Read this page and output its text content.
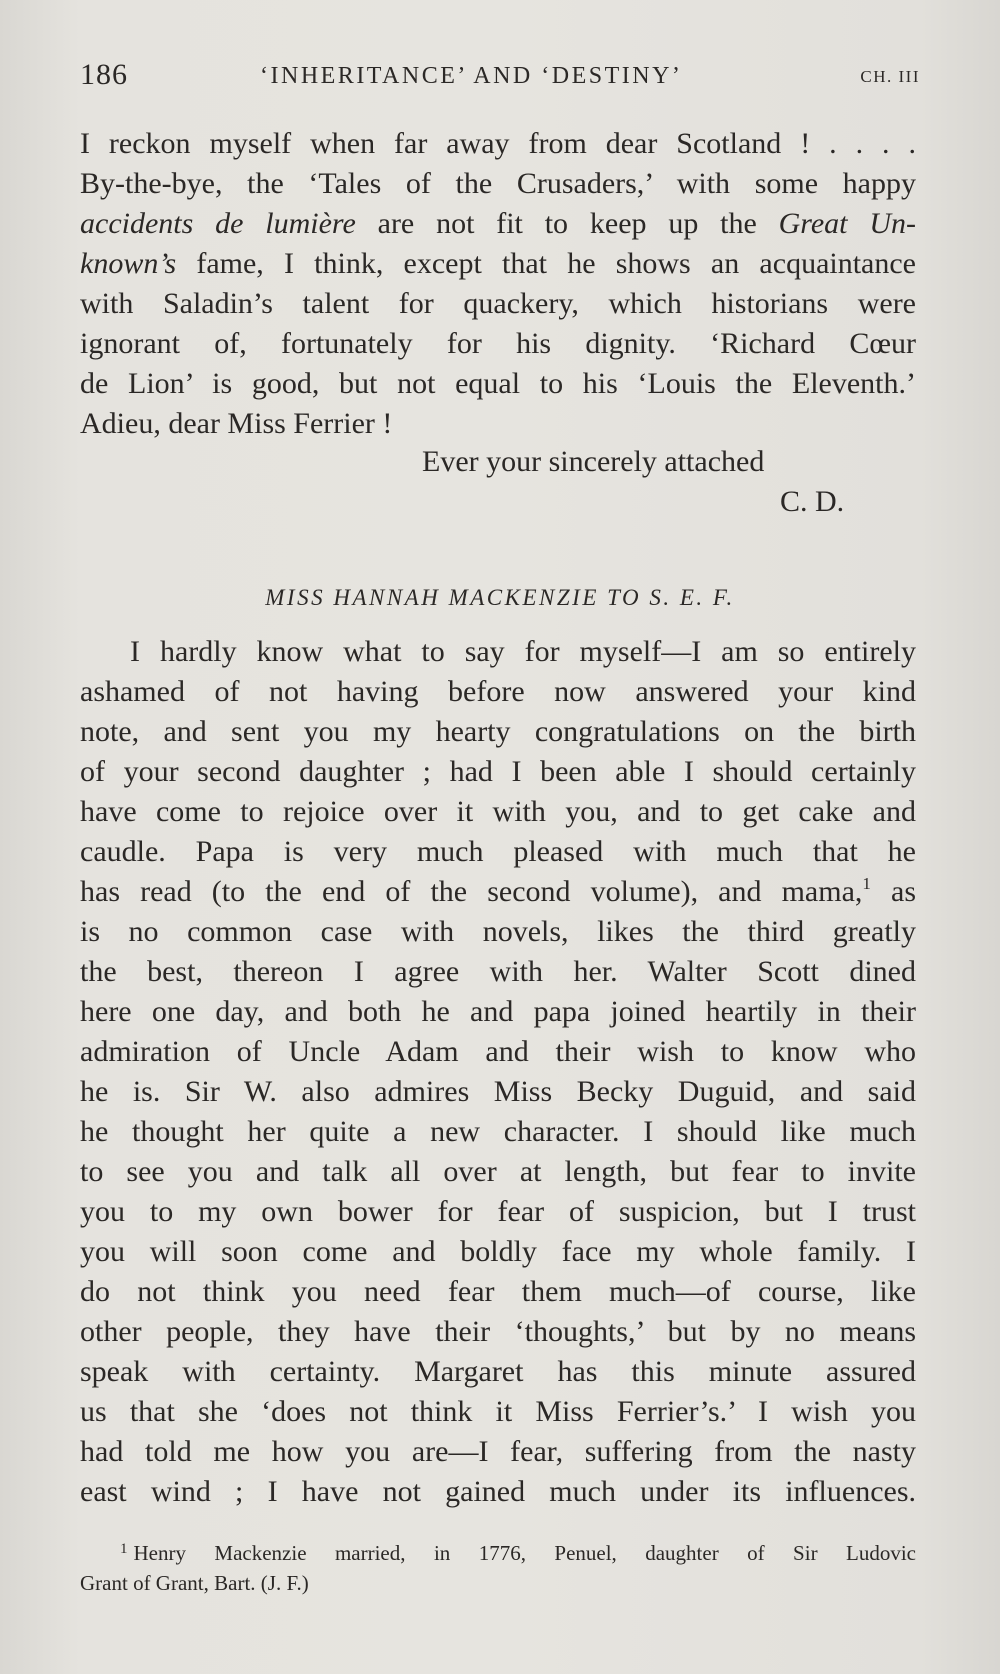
186	‘INHERITANCE’ AND ‘DESTINY’	CH. III
I reckon myself when far away from dear Scotland ! . . . .
By-the-bye, the ‘Tales of the Crusaders,’ with some happy
accidents de lumière are not fit to keep up the Great Un-
known’s fame, I think, except that he shows an acquaintance
with Saladin’s talent for quackery, which historians were
ignorant of, fortunately for his dignity. ‘Richard Cœur
de Lion’ is good, but not equal to his ‘Louis the Eleventh.’
Adieu, dear Miss Ferrier !
Ever your sincerely attached
C. D.
MISS HANNAH MACKENZIE TO S. E. F.
I hardly know what to say for myself—I am so entirely
ashamed of not having before now answered your kind
note, and sent you my hearty congratulations on the birth
of your second daughter ; had I been able I should certainly
have come to rejoice over it with you, and to get cake and
caudle. Papa is very much pleased with much that he
has read (to the end of the second volume), and mama,$^1$ as
is no common case with novels, likes the third greatly
the best, thereon I agree with her. Walter Scott dined
here one day, and both he and papa joined heartily in their
admiration of Uncle Adam and their wish to know who
he is. Sir W. also admires Miss Becky Duguid, and said
he thought her quite a new character. I should like much
to see you and talk all over at length, but fear to invite
you to my own bower for fear of suspicion, but I trust
you will soon come and boldly face my whole family. I
do not think you need fear them much—of course, like
other people, they have their ‘thoughts,’ but by no means
speak with certainty. Margaret has this minute assured
us that she ‘does not think it Miss Ferrier’s.’ I wish you
had told me how you are—I fear, suffering from the nasty
east wind ; I have not gained much under its influences.
$^1$ Henry Mackenzie married, in 1776, Penuel, daughter of Sir Ludovic
Grant of Grant, Bart. (J. F.)
